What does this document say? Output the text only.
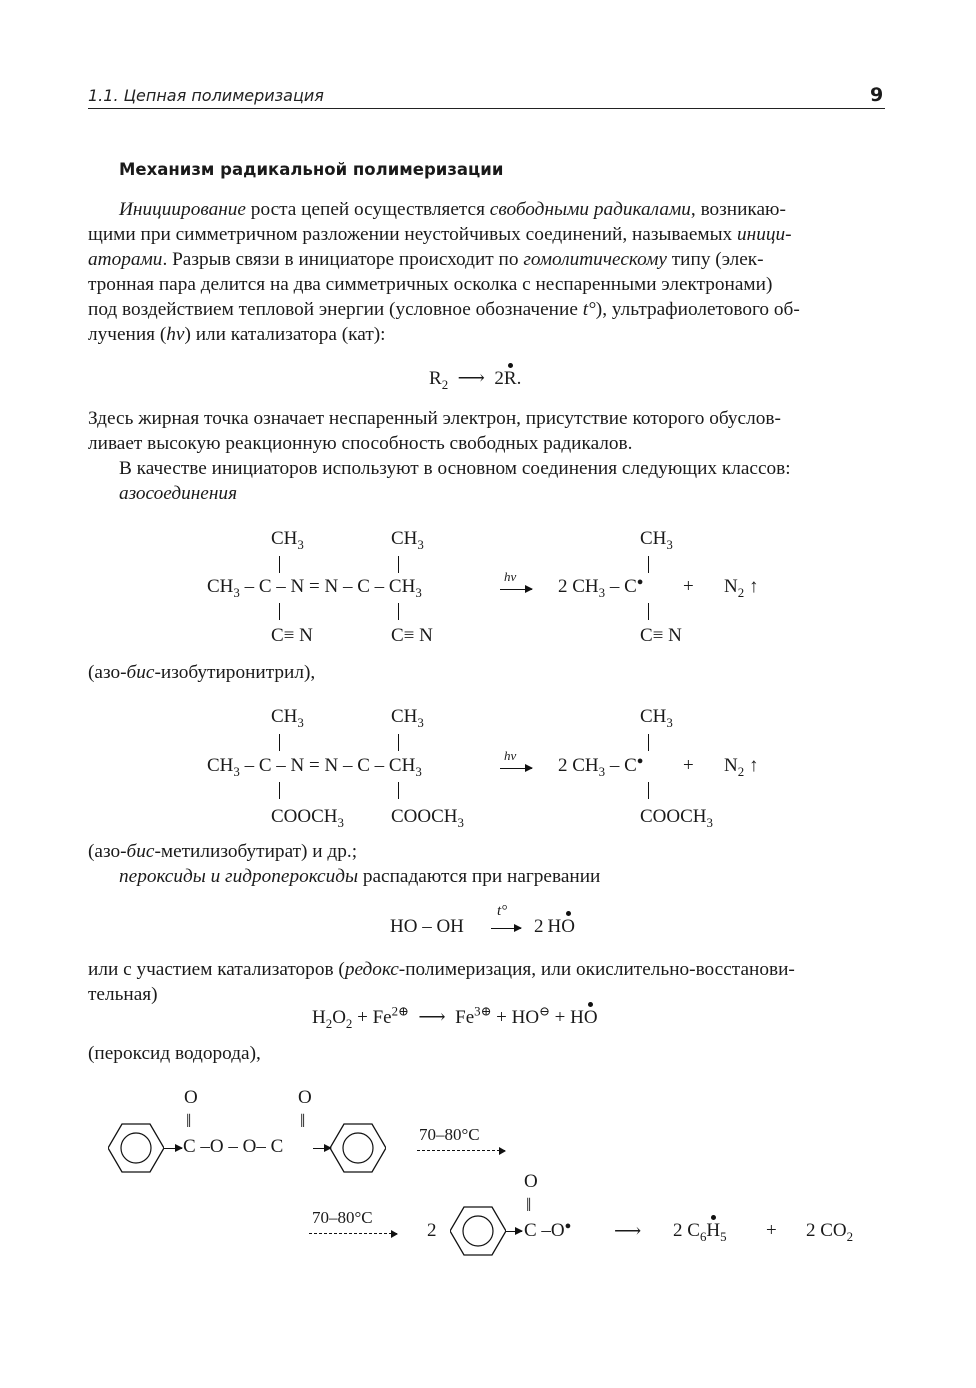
1.1. Цепная полимеризация	9
Механизм радикальной полимеризации
Инициирование роста цепей осуществляется свободными радикалами, возникаю-
щими при симметричном разложении неустойчивых соединений, называемых иници-
аторами. Разрыв связи в инициаторе происходит по гомолитическому типу (элек-
тронная пара делится на два симметричных осколка с неспаренными электронами)
под воздействием тепловой энергии (условное обозначение t°), ультрафиолетового об-
лучения (hν) или катализатора (кат):
$R_2$ ⟶ 2R.
Здесь жирная точка означает неспаренный электрон, присутствие которого обуслов-
ливает высокую реакционную способность свободных радикалов.
В качестве инициаторов используют в основном соединения следующих классов:
азосоединения
$CH_3$	$CH_3$	$CH_3$
$CH_3 - C - N = N - C - CH_3$
hν 2 $CH_3 - C^● + N_2$ ↑
C≡ N	C≡ N	C≡ N
(азо-бис-изобутиронитрил),
$CH_3$	$CH_3$	$CH_3$
$CH_3 - C - N = N - C - CH_3$
hν 2 $CH_3 - C^● + N_2$ ↑
$COOCH_3$ $COOCH_3$	$COOCH_3$
(азо-бис-метилизобутират) и др.;
пероксиды и гидропероксиды распадаются при нагревании
HO – OH
t°
→ 2 HO
или с участием катализаторов (редокс-полимеризация, или окислительно-восстанови-
тельная)
$H_2O_2 + Fe^{2\oplus}$ ⟶ $Fe^{3\oplus} + HO^⊖$ + HO
(пероксид водорода),
O
‖
O
‖
C –O – O– C
70–80°C
70–80°C
2
O
‖
C –O● ⟶ 2 $C_6H_5 + 2$ $CO_2$
